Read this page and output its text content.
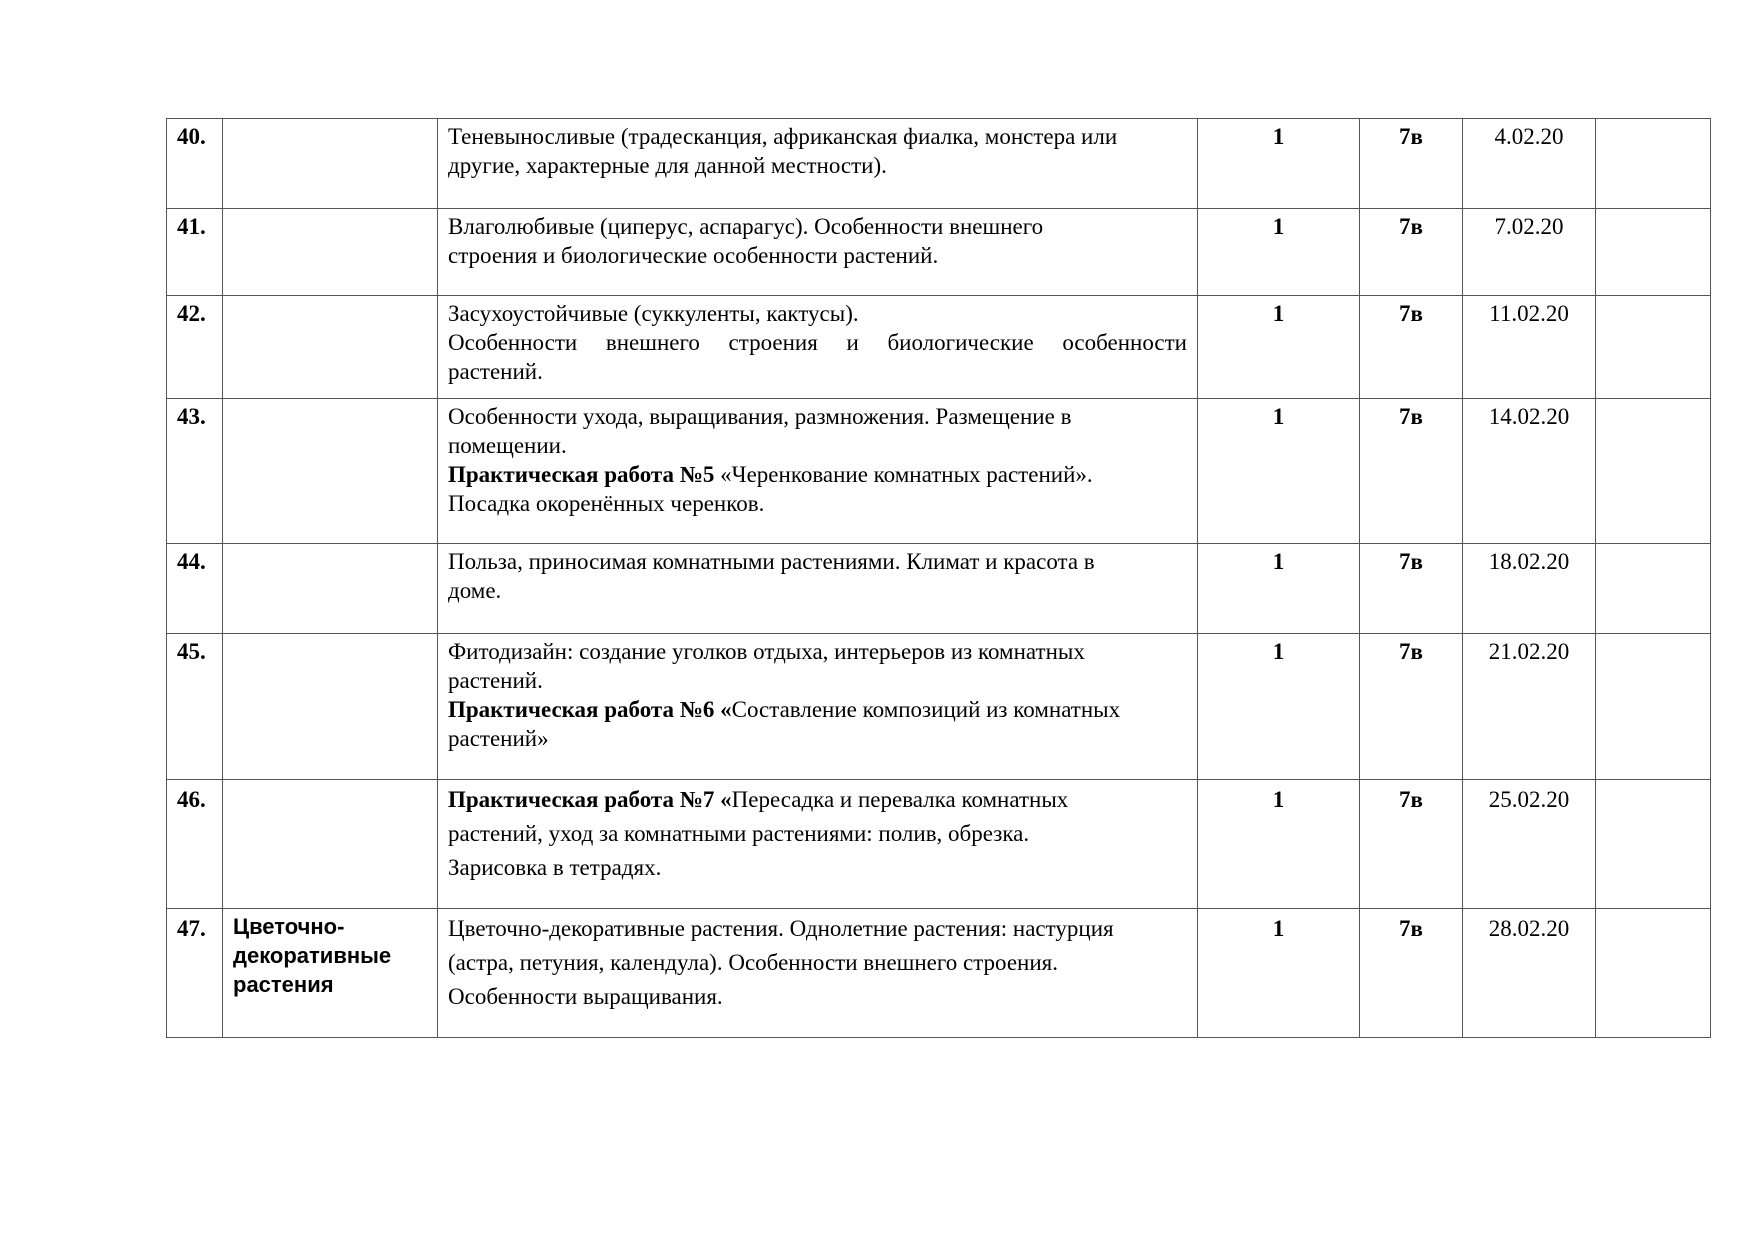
40.		Теневыносливые (традесканция, африканская фиалка, монстера или
другие, характерные для данной местности).	1	7в	4.02.20	
41.		Влаголюбивые (циперус, аспарагус). Особенности внешнего
строения и биологические особенности растений.	1	7в	7.02.20	
42.		Засухоустойчивые (суккуленты, кактусы).
Особенности внешнего строения и биологические особенности
растений.	1	7в	11.02.20	
43.		Особенности ухода, выращивания, размножения. Размещение в
помещении.
Практическая работа №5 «Черенкование комнатных растений».
Посадка окоренённых черенков.	1	7в	14.02.20	
44.		Польза, приносимая комнатными растениями. Климат и красота в
доме.	1	7в	18.02.20	
45.		Фитодизайн: создание уголков отдыха, интерьеров из комнатных
растений.
Практическая работа №6 «Составление композиций из комнатных
растений»	1	7в	21.02.20	
46.		Практическая работа №7 «Пересадка и перевалка комнатных
растений, уход за комнатными растениями: полив, обрезка.
Зарисовка в тетрадях.	1	7в	25.02.20	
47.	Цветочно-
декоративные
растения	Цветочно-декоративные растения. Однолетние растения: настурция
(астра, петуния, календула). Особенности внешнего строения.
Особенности выращивания.	1	7в	28.02.20	
